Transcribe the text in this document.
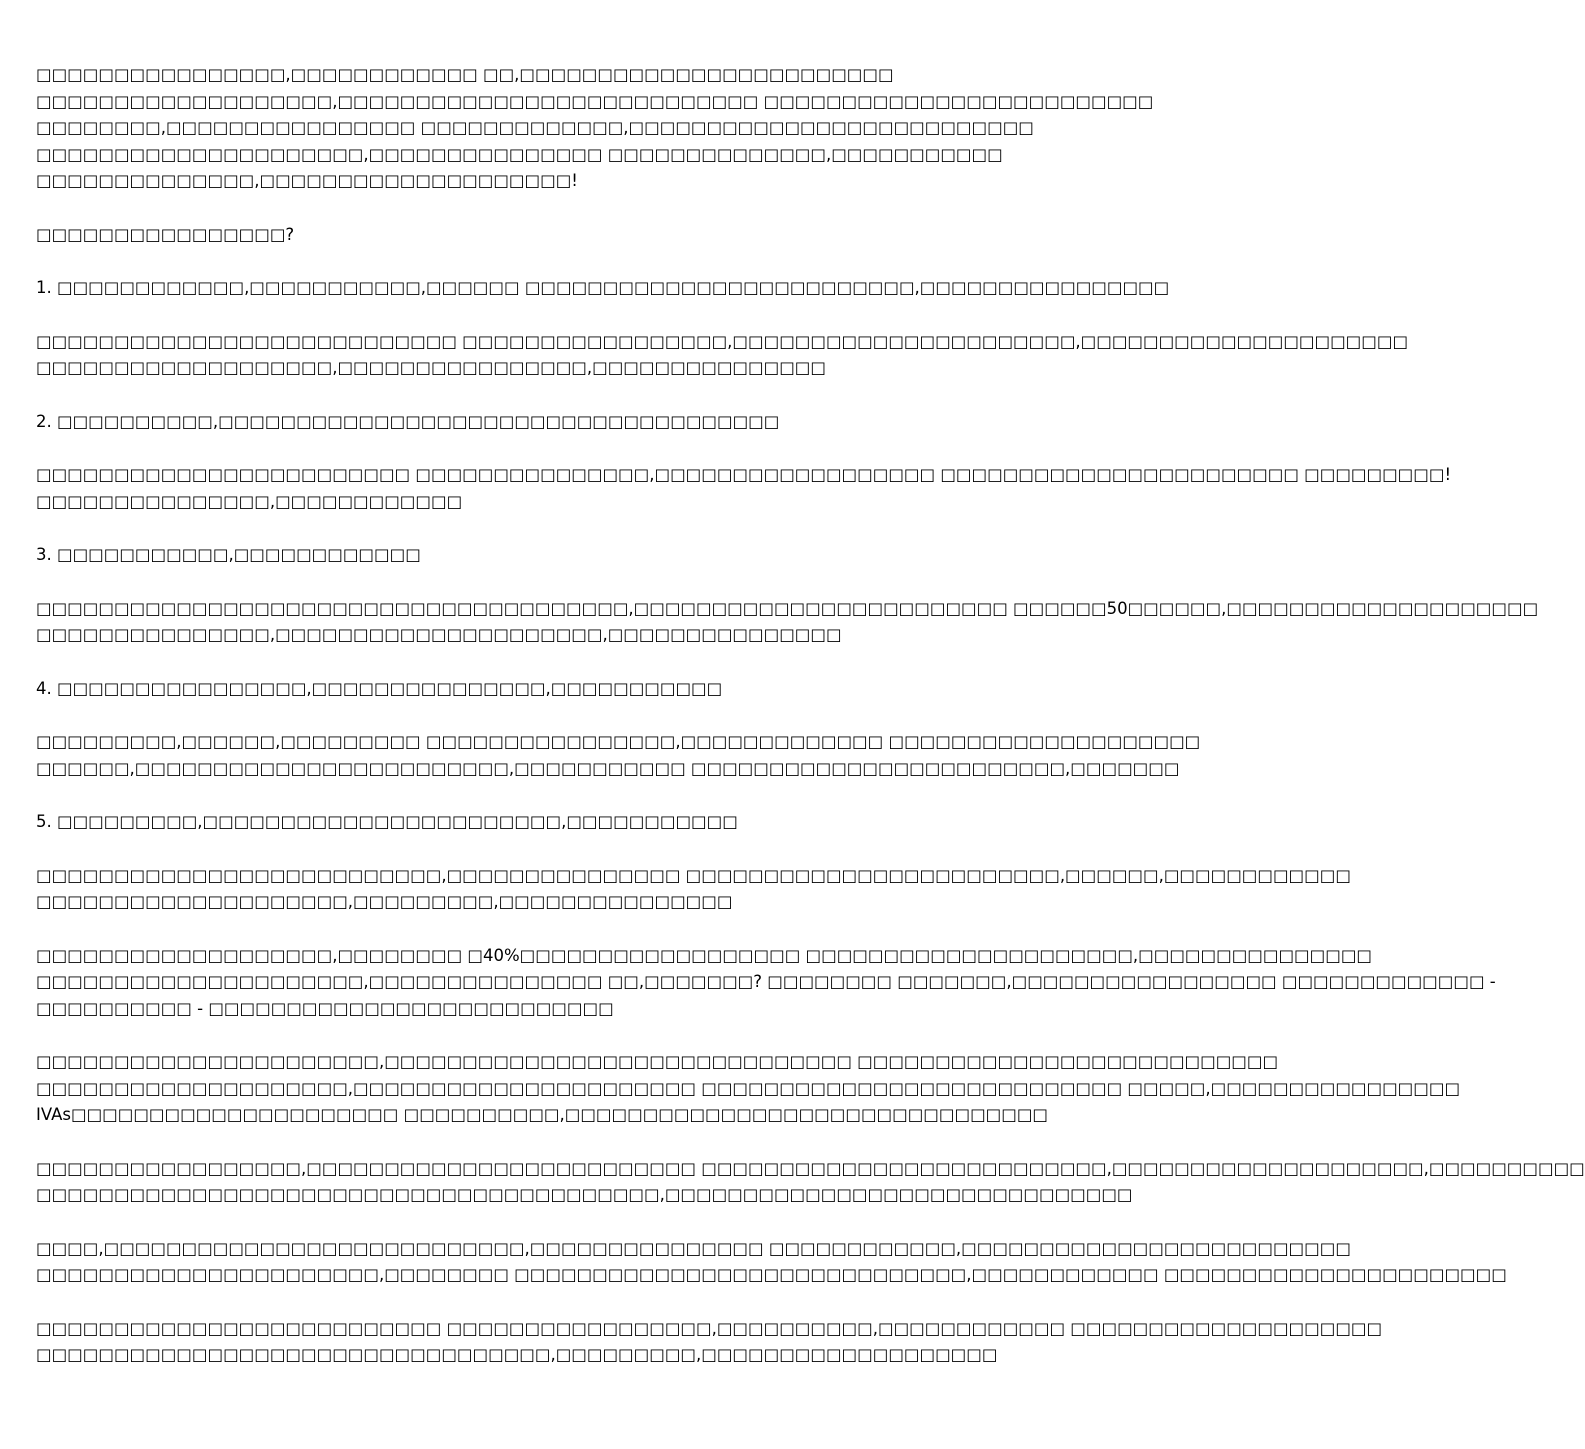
□□□□□□□□□□□□□□□□,□□□□□□□□□□□□ □□,□□□□□□□□□□□□□□□□□□□□□□□□
□□□□□□□□□□□□□□□□□□□,□□□□□□□□□□□□□□□□□□□□□□□□□□□ □□□□□□□□□□□□□□□□□□□□□□□□□
□□□□□□□□,□□□□□□□□□□□□□□□□ □□□□□□□□□□□□□,□□□□□□□□□□□□□□□□□□□□□□□□□□
□□□□□□□□□□□□□□□□□□□□□,□□□□□□□□□□□□□□□ □□□□□□□□□□□□□□,□□□□□□□□□□□
□□□□□□□□□□□□□□,□□□□□□□□□□□□□□□□□□□□!
□□□□□□□□□□□□□□□□?
1. □□□□□□□□□□□□,□□□□□□□□□□□,□□□□□□ □□□□□□□□□□□□□□□□□□□□□□□□□,□□□□□□□□□□□□□□□□
□□□□□□□□□□□□□□□□□□□□□□□□□□□ □□□□□□□□□□□□□□□□□,□□□□□□□□□□□□□□□□□□□□□□,□□□□□□□□□□□□□□□□□□□□□
□□□□□□□□□□□□□□□□□□□,□□□□□□□□□□□□□□□□,□□□□□□□□□□□□□□□
2. □□□□□□□□□□,□□□□□□□□□□□□□□□□□□□□□□□□□□□□□□□□□□□□
□□□□□□□□□□□□□□□□□□□□□□□□ □□□□□□□□□□□□□□□,□□□□□□□□□□□□□□□□□□ □□□□□□□□□□□□□□□□□□□□□□□ □□□□□□□□□!
□□□□□□□□□□□□□□□,□□□□□□□□□□□□
3. □□□□□□□□□□□,□□□□□□□□□□□□
□□□□□□□□□□□□□□□□□□□□□□□□□□□□□□□□□□□□□□,□□□□□□□□□□□□□□□□□□□□□□□□ □□□□□□50□□□□□□,□□□□□□□□□□□□□□□□□□□□
□□□□□□□□□□□□□□□,□□□□□□□□□□□□□□□□□□□□□,□□□□□□□□□□□□□□□
4. □□□□□□□□□□□□□□□□,□□□□□□□□□□□□□□□,□□□□□□□□□□□
□□□□□□□□□,□□□□□□,□□□□□□□□□ □□□□□□□□□□□□□□□□,□□□□□□□□□□□□□ □□□□□□□□□□□□□□□□□□□□
□□□□□□,□□□□□□□□□□□□□□□□□□□□□□□□,□□□□□□□□□□□ □□□□□□□□□□□□□□□□□□□□□□□□,□□□□□□□
5. □□□□□□□□□,□□□□□□□□□□□□□□□□□□□□□□□,□□□□□□□□□□□
□□□□□□□□□□□□□□□□□□□□□□□□□□,□□□□□□□□□□□□□□□ □□□□□□□□□□□□□□□□□□□□□□□□,□□□□□□,□□□□□□□□□□□□
□□□□□□□□□□□□□□□□□□□□,□□□□□□□□□,□□□□□□□□□□□□□□□
□□□□□□□□□□□□□□□□□□□,□□□□□□□□ □40%□□□□□□□□□□□□□□□□□□ □□□□□□□□□□□□□□□□□□□□□,□□□□□□□□□□□□□□□
□□□□□□□□□□□□□□□□□□□□□,□□□□□□□□□□□□□□□ □□,□□□□□□□? □□□□□□□□ □□□□□□□,□□□□□□□□□□□□□□□□□ □□□□□□□□□□□□□ -
□□□□□□□□□□ - □□□□□□□□□□□□□□□□□□□□□□□□□□
□□□□□□□□□□□□□□□□□□□□□□,□□□□□□□□□□□□□□□□□□□□□□□□□□□□□□ □□□□□□□□□□□□□□□□□□□□□□□□□□□
□□□□□□□□□□□□□□□□□□□□,□□□□□□□□□□□□□□□□□□□□□□ □□□□□□□□□□□□□□□□□□□□□□□□□□□ □□□□□,□□□□□□□□□□□□□□□□
IVAs□□□□□□□□□□□□□□□□□□□□□ □□□□□□□□□□,□□□□□□□□□□□□□□□□□□□□□□□□□□□□□□□
□□□□□□□□□□□□□□□□□,□□□□□□□□□□□□□□□□□□□□□□□□□ □□□□□□□□□□□□□□□□□□□□□□□□□□,□□□□□□□□□□□□□□□□□□□□,□□□□□□□□□□
□□□□□□□□□□□□□□□□□□□□□□□□□□□□□□□□□□□□□□□□,□□□□□□□□□□□□□□□□□□□□□□□□□□□□□□
□□□□,□□□□□□□□□□□□□□□□□□□□□□□□□□□,□□□□□□□□□□□□□□□ □□□□□□□□□□□□,□□□□□□□□□□□□□□□□□□□□□□□□□
□□□□□□□□□□□□□□□□□□□□□□,□□□□□□□□ □□□□□□□□□□□□□□□□□□□□□□□□□□□□□,□□□□□□□□□□□□ □□□□□□□□□□□□□□□□□□□□□□
□□□□□□□□□□□□□□□□□□□□□□□□□□ □□□□□□□□□□□□□□□□□,□□□□□□□□□□,□□□□□□□□□□□□ □□□□□□□□□□□□□□□□□□□□
□□□□□□□□□□□□□□□□□□□□□□□□□□□□□□□□□,□□□□□□□□□,□□□□□□□□□□□□□□□□□□□
